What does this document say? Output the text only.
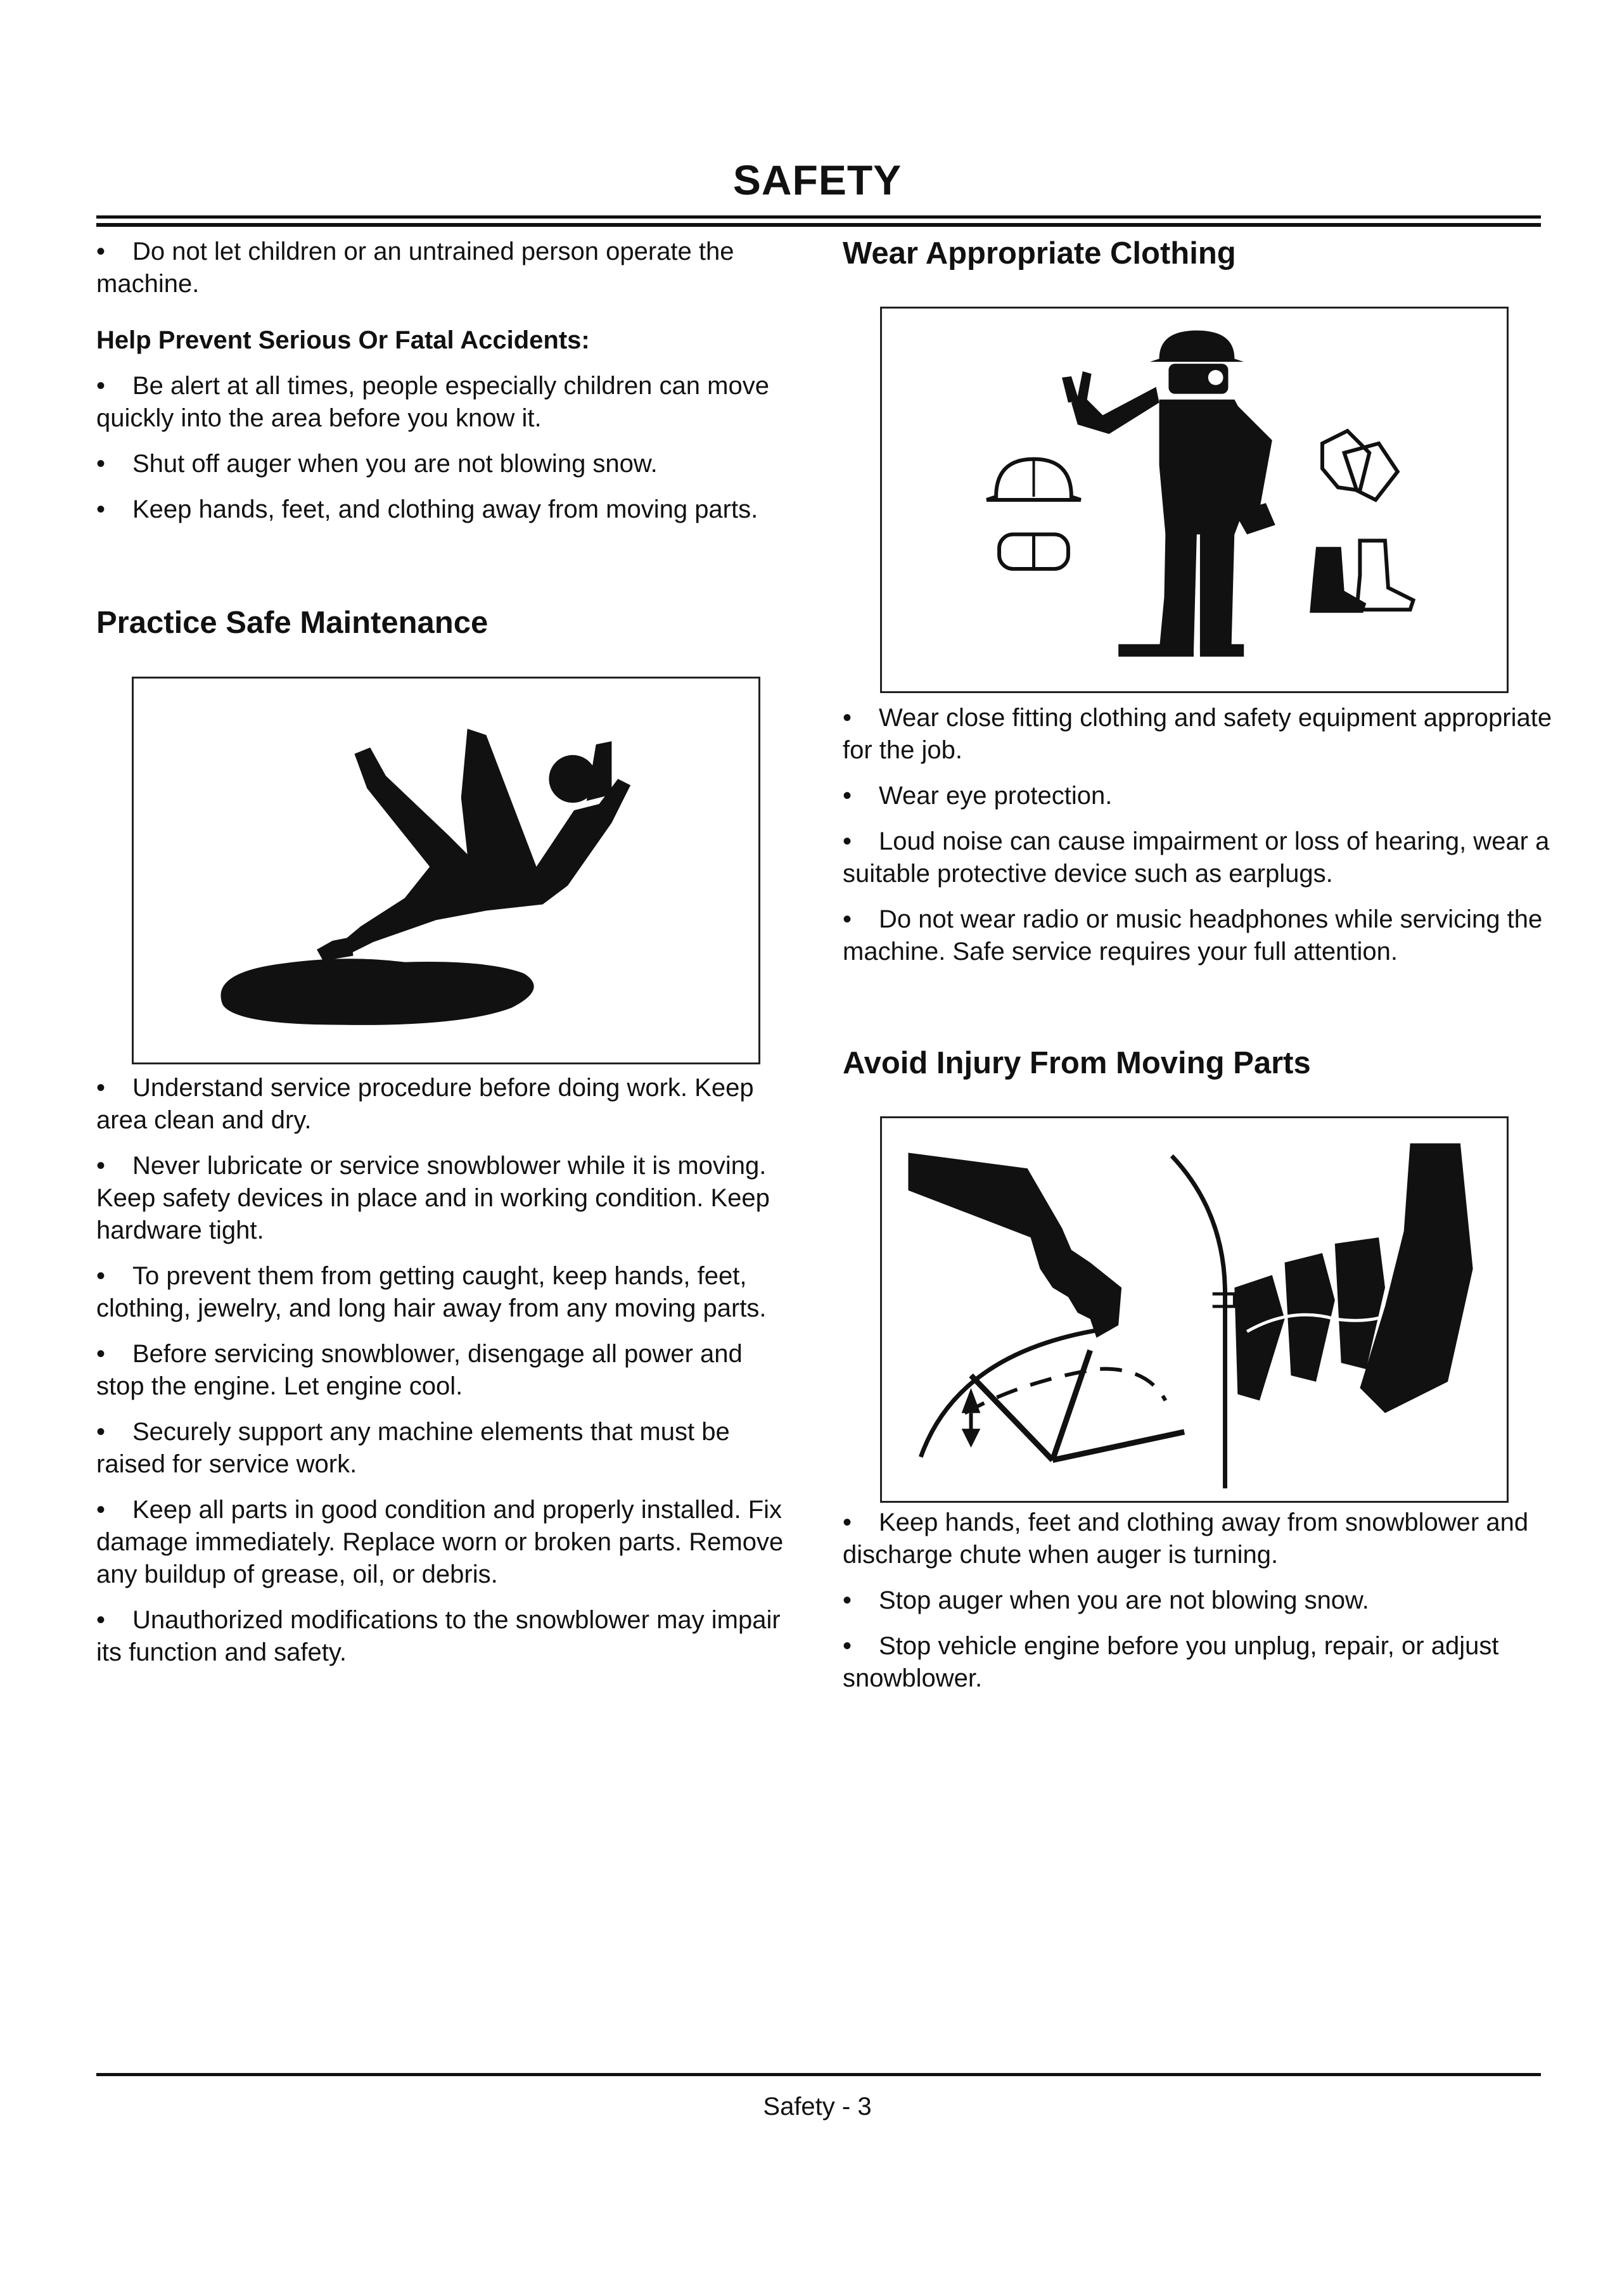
SAFETY

• Do not let children or an untrained person operate the machine.

Help Prevent Serious Or Fatal Accidents:

• Be alert at all times, people especially children can move quickly into the area before you know it.

• Shut off auger when you are not blowing snow.

• Keep hands, feet, and clothing away from moving parts.

Practice Safe Maintenance

• Understand service procedure before doing work. Keep area clean and dry.

• Never lubricate or service snowblower while it is moving. Keep safety devices in place and in working condition. Keep hardware tight.

• To prevent them from getting caught, keep hands, feet, clothing, jewelry, and long hair away from any moving parts.

• Before servicing snowblower, disengage all power and stop the engine. Let engine cool.

• Securely support any machine elements that must be raised for service work.

• Keep all parts in good condition and properly installed. Fix damage immediately. Replace worn or broken parts. Remove any buildup of grease, oil, or debris.

• Unauthorized modifications to the snowblower may impair its function and safety.

Wear Appropriate Clothing

• Wear close fitting clothing and safety equipment appropriate for the job.

• Wear eye protection.

• Loud noise can cause impairment or loss of hearing, wear a suitable protective device such as earplugs.

• Do not wear radio or music headphones while servicing the machine. Safe service requires your full attention.

Avoid Injury From Moving Parts

• Keep hands, feet and clothing away from snowblower and discharge chute when auger is turning.

• Stop auger when you are not blowing snow.

• Stop vehicle engine before you unplug, repair, or adjust snowblower.

Safety - 3
